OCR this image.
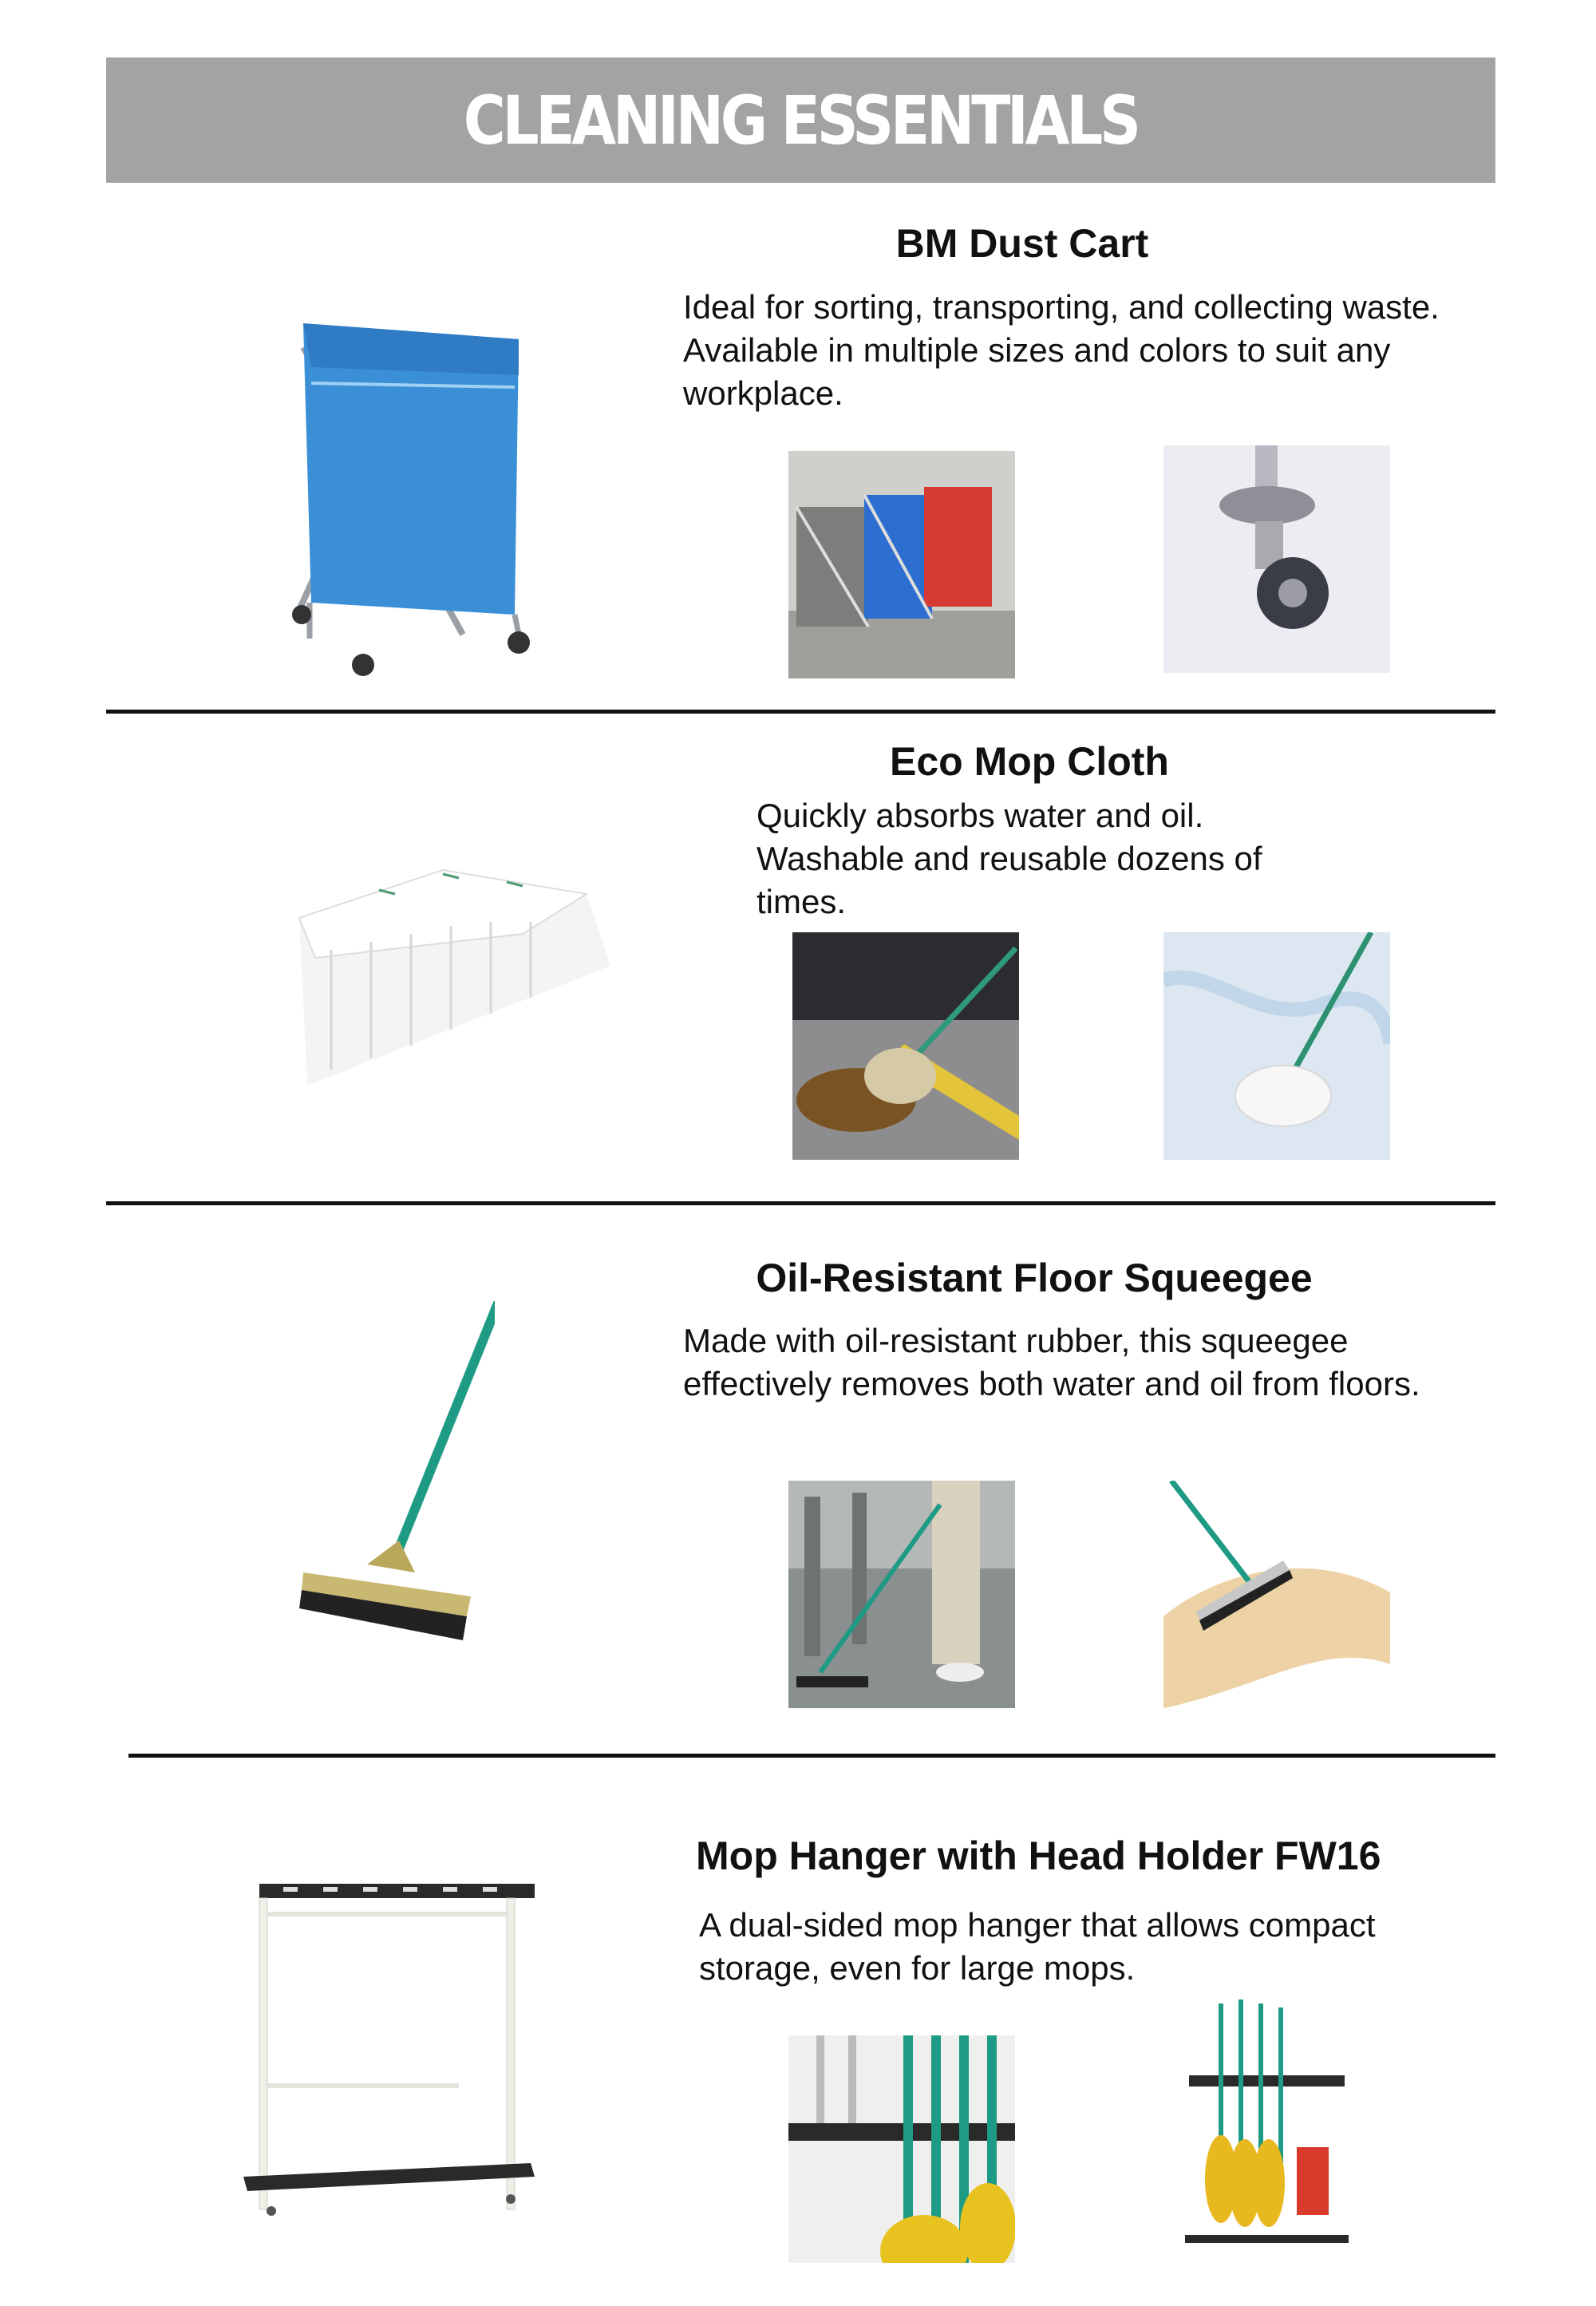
CLEANING ESSENTIALS
BM Dust Cart

Ideal for sorting, transporting, and collecting waste. Available in multiple sizes and colors to suit any workplace.

Eco Mop Cloth

Quickly absorbs water and oil. Washable and reusable dozens of times.

Oil-Resistant Floor Squeegee

Made with oil-resistant rubber, this squeegee effectively removes both water and oil from floors.

Mop Hanger with Head Holder FW16

A dual-sided mop hanger that allows compact storage, even for large mops.
